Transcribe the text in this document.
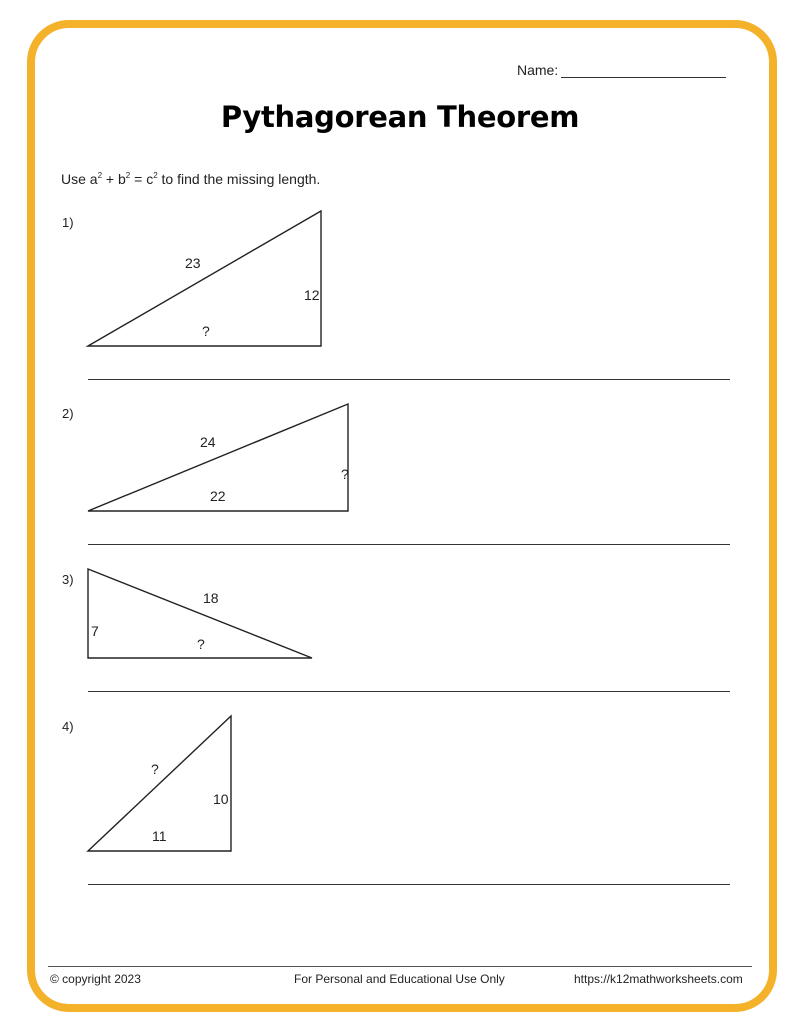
Name:
Pythagorean Theorem
Use $a^2 + b^2 = c^2$ to find the missing length.
1)
23
12
?
2)
24
?
22
3)
18
7
?
4)
?
10
11
© copyright 2023	For Personal and Educational Use Only	https://k12mathworksheets.com
